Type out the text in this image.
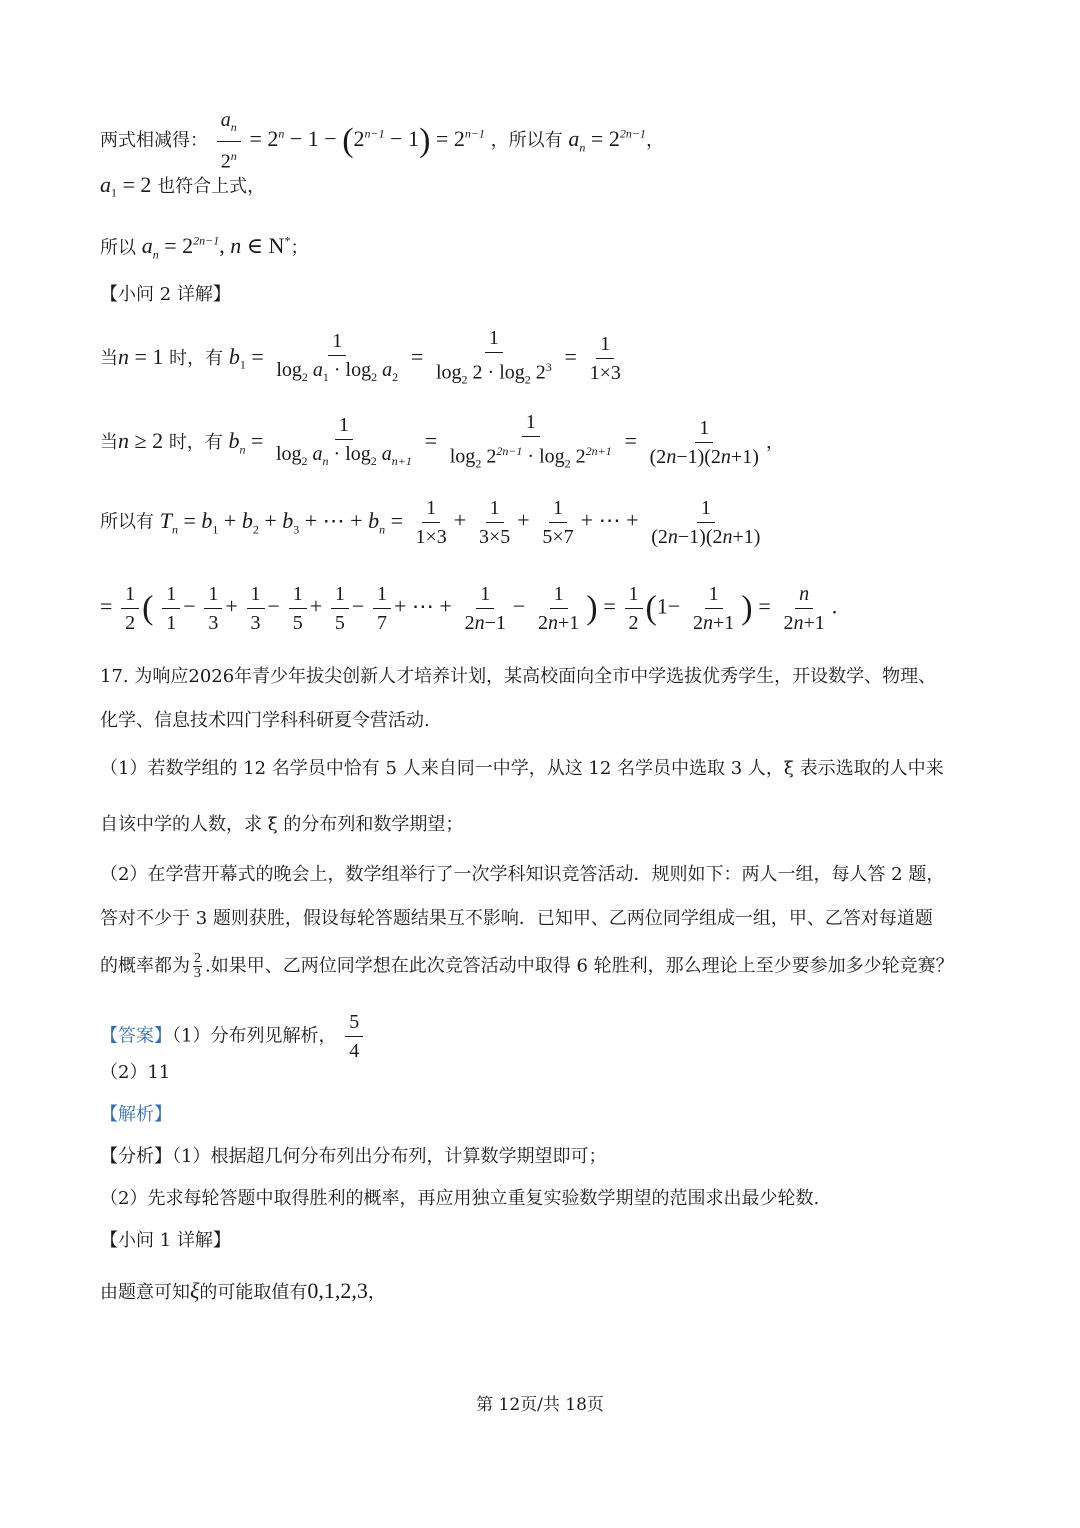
两式相减得： $\frac{a_n}{2^n} = 2^n - 1 - (2^{n-1} - 1) = 2^{n-1}$ ，所以有 $a_n = 2^{2n-1}$，
$a_1 = 2$ 也符合上式，
所以 $a_n = 2^{2n-1}$, n ∈ N*；
【小问 2 详解】
当n = 1 时，有 $b_1 = \frac{1}{\log_2 a_1 \cdot \log_2 a_2} = \frac{1}{\log_2 2 \cdot \log_2 2^3} = \frac{1}{1\times 3}$
当n ≥ 2 时，有 $b_n = \frac{1}{\log_2 a_n \cdot \log_2 a_{n+1}} = \frac{1}{\log_2 2^{2n-1} \cdot \log_2 2^{2n+1}} = \frac{1}{(2n-1)(2n+1)}$ ，
所以有 $T_n = b_1 + b_2 + b_3$ + ⋯ + $b_n = \frac{1}{1\times 3} + \frac{1}{3\times 5} + \frac{1}{5\times 7}$ + ⋯ + $\frac{1}{(2n-1)(2n+1)}$
= $\frac{1}{2}$ ( $\frac{1}{1} - \frac{1}{3} + \frac{1}{3} - \frac{1}{5} + \frac{1}{5} - \frac{1}{7}$ + ⋯ + $\frac{1}{2n-1} - \frac{1}{2n+1}$ ) = $\frac{1}{2} (1- \frac{1}{2n+1}$ ) = $\frac{n}{2n+1}$ .
17. 为响应2026年青少年拔尖创新人才培养计划，某高校面向全市中学选拔优秀学生，开设数学、物理、
化学、信息技术四门学科科研夏令营活动.
（1）若数学组的 12 名学员中恰有 5 人来自同一中学，从这 12 名学员中选取 3 人，ξ 表示选取的人中来
自该中学的人数，求 ξ 的分布列和数学期望；
（2）在学营开幕式的晚会上，数学组举行了一次学科知识竞答活动．规则如下：两人一组，每人答 2 题，
答对不少于 3 题则获胜，假设每轮答题结果互不影响．已知甲、乙两位同学组成一组，甲、乙答对每道题
的概率都为 $\frac{2}{3}$ .如果甲、乙两位同学想在此次竞答活动中取得 6 轮胜利，那么理论上至少要参加多少轮竞赛？
【答案】（1）分布列见解析， $\frac{5}{4}$
（2）11
【解析】
【分析】（1）根据超几何分布列出分布列，计算数学期望即可；
（2）先求每轮答题中取得胜利的概率，再应用独立重复实验数学期望的范围求出最少轮数.
【小问 1 详解】
由题意可知ξ的可能取值有0,1,2,3，
第 12页/共 18页
